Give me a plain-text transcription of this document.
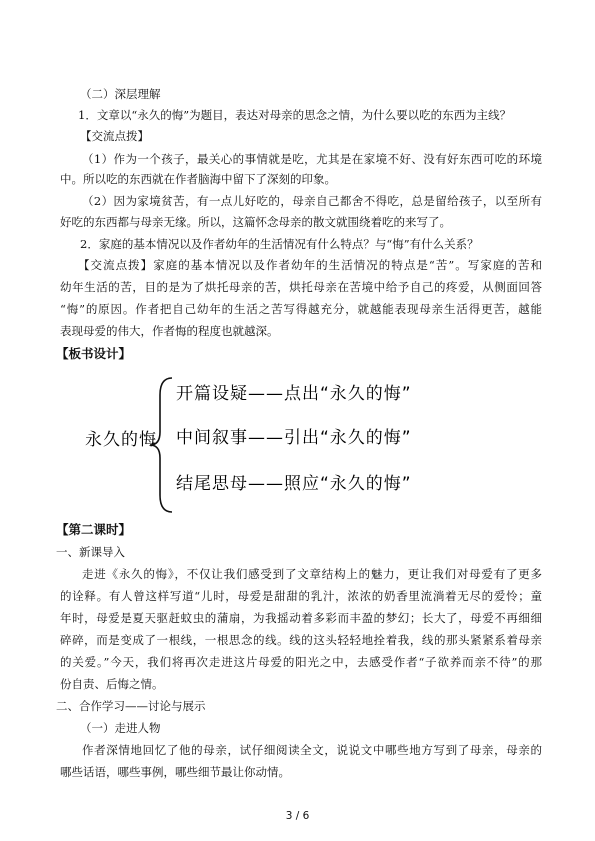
（二）深层理解
1．文章以“永久的悔”为题目，表达对母亲的思念之情，为什么要以吃的东西为主线？
【交流点拨】
（1）作为一个孩子，最关心的事情就是吃，尤其是在家境不好、没有好东西可吃的环境
中。所以吃的东西就在作者脑海中留下了深刻的印象。
（2）因为家境贫苦，有一点儿好吃的，母亲自己都舍不得吃，总是留给孩子，以至所有
好吃的东西都与母亲无缘。所以，这篇怀念母亲的散文就围绕着吃的来写了。
2．家庭的基本情况以及作者幼年的生活情况有什么特点？与“悔”有什么关系？
【交流点拨】家庭的基本情况以及作者幼年的生活情况的特点是“苦”。写家庭的苦和
幼年生活的苦，目的是为了烘托母亲的苦，烘托母亲在苦境中给予自己的疼爱，从侧面回答
“悔”的原因。作者把自己幼年的生活之苦写得越充分，就越能表现母亲生活得更苦，越能
表现母爱的伟大，作者悔的程度也就越深。
【板书设计】
永久的悔
开篇设疑——点出“永久的悔”
中间叙事——引出“永久的悔”
结尾思母——照应“永久的悔”
【第二课时】
一、新课导入
走进《永久的悔》，不仅让我们感受到了文章结构上的魅力，更让我们对母爱有了更多
的诠释。有人曾这样写道“儿时，母爱是甜甜的乳汁，浓浓的奶香里流淌着无尽的爱怜；童
年时，母爱是夏天驱赶蚊虫的蒲扇，为我摇动着多彩而丰盈的梦幻；长大了，母爱不再细细
碎碎，而是变成了一根线，一根思念的线。线的这头轻轻地拴着我，线的那头紧紧系着母亲
的关爱。”今天，我们将再次走进这片母爱的阳光之中，去感受作者“子欲养而亲不待”的那
份自责、后悔之情。
二、合作学习——讨论与展示
（一）走进人物
作者深情地回忆了他的母亲，试仔细阅读全文，说说文中哪些地方写到了母亲，母亲的
哪些话语，哪些事例，哪些细节最让你动情。
3 / 6
